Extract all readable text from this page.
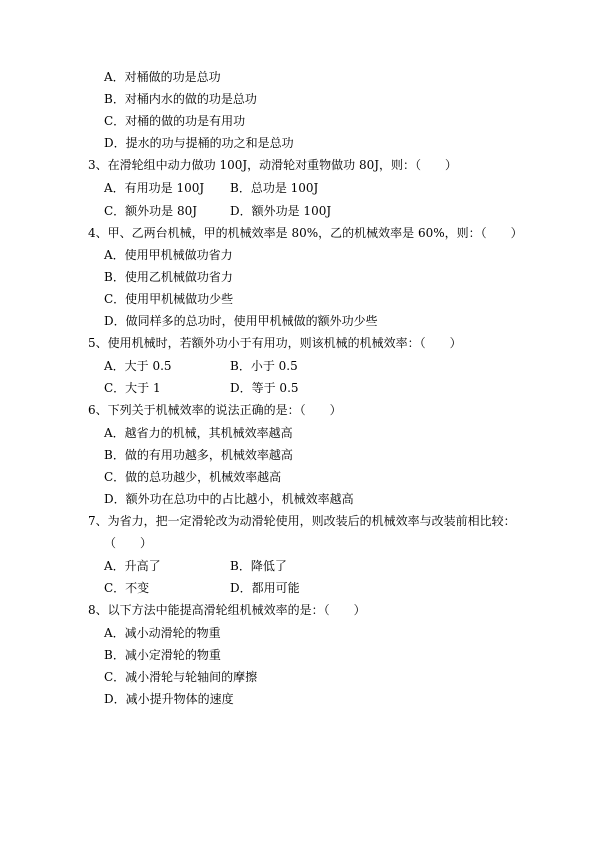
A．对桶做的功是总功
B．对桶内水的做的功是总功
C．对桶的做的功是有用功
D．提水的功与提桶的功之和是总功
3、在滑轮组中动力做功 100J，动滑轮对重物做功 80J，则：（　　）
A．有用功是 100J B．总功是 100J
C．额外功是 80J	D．额外功是 100J
4、甲、乙两台机械，甲的机械效率是 80%，乙的机械效率是 60%，则：（　　）
A．使用甲机械做功省力
B．使用乙机械做功省力
C．使用甲机械做功少些
D．做同样多的总功时，使用甲机械做的额外功少些
5、使用机械时，若额外功小于有用功，则该机械的机械效率：（　　）
A．大于 0.5	B．小于 0.5
C．大于 1	D．等于 0.5
6、下列关于机械效率的说法正确的是：（　　）
A．越省力的机械，其机械效率越高
B．做的有用功越多，机械效率越高
C．做的总功越少，机械效率越高
D．额外功在总功中的占比越小，机械效率越高
7、为省力，把一定滑轮改为动滑轮使用，则改装后的机械效率与改装前相比较：
（　　）
A．升高了	B．降低了
C．不变	D．都用可能
8、以下方法中能提高滑轮组机械效率的是：（　　）
A．减小动滑轮的物重
B．减小定滑轮的物重
C．减小滑轮与轮轴间的摩擦
D．减小提升物体的速度
